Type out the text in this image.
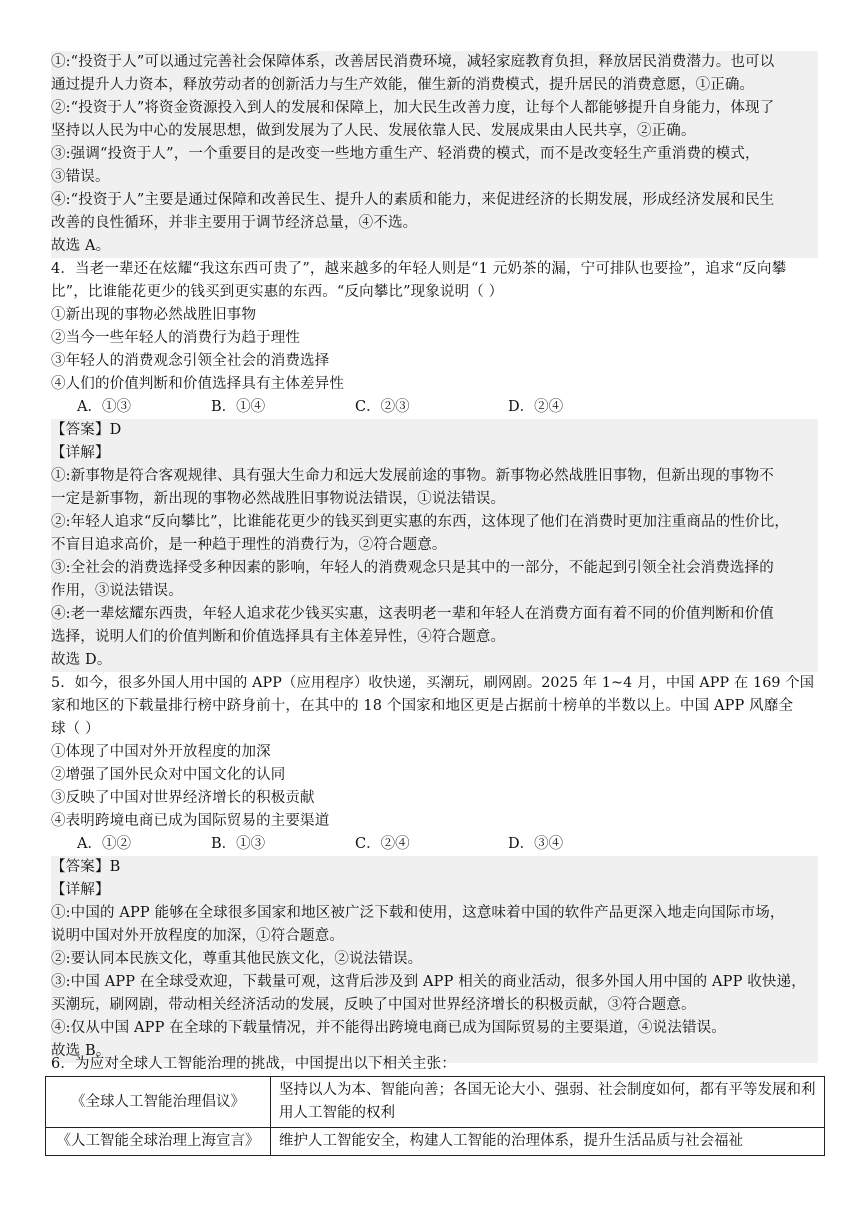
①:“投资于人”可以通过完善社会保障体系，改善居民消费环境，减轻家庭教育负担，释放居民消费潜力。也可以
通过提升人力资本，释放劳动者的创新活力与生产效能，催生新的消费模式，提升居民的消费意愿，①正确。
②:“投资于人”将资金资源投入到人的发展和保障上，加大民生改善力度，让每个人都能够提升自身能力，体现了
坚持以人民为中心的发展思想，做到发展为了人民、发展依靠人民、发展成果由人民共享，②正确。
③:强调“投资于人”，一个重要目的是改变一些地方重生产、轻消费的模式，而不是改变轻生产重消费的模式，
③错误。
④:“投资于人”主要是通过保障和改善民生、提升人的素质和能力，来促进经济的长期发展，形成经济发展和民生
改善的良性循环，并非主要用于调节经济总量，④不选。
故选 A。
4．当老一辈还在炫耀“我这东西可贵了”，越来越多的年轻人则是“1 元奶茶的漏，宁可排队也要捡”，追求“反向攀
比”，比谁能花更少的钱买到更实惠的东西。“反向攀比”现象说明（ ）
①新出现的事物必然战胜旧事物
②当今一些年轻人的消费行为趋于理性
③年轻人的消费观念引领全社会的消费选择
④人们的价值判断和价值选择具有主体差异性
A．①③	B．①④	C．②③	D．②④
【答案】D
【详解】
①:新事物是符合客观规律、具有强大生命力和远大发展前途的事物。新事物必然战胜旧事物，但新出现的事物不
一定是新事物，新出现的事物必然战胜旧事物说法错误，①说法错误。
②:年轻人追求“反向攀比”，比谁能花更少的钱买到更实惠的东西，这体现了他们在消费时更加注重商品的性价比，
不盲目追求高价，是一种趋于理性的消费行为，②符合题意。
③:全社会的消费选择受多种因素的影响，年轻人的消费观念只是其中的一部分，不能起到引领全社会消费选择的
作用，③说法错误。
④:老一辈炫耀东西贵，年轻人追求花少钱买实惠，这表明老一辈和年轻人在消费方面有着不同的价值判断和价值
选择，说明人们的价值判断和价值选择具有主体差异性，④符合题意。
故选 D。
5．如今，很多外国人用中国的 APP（应用程序）收快递，买潮玩，刷网剧。2025 年 1~4 月，中国 APP 在 169 个国
家和地区的下载量排行榜中跻身前十，在其中的 18 个国家和地区更是占据前十榜单的半数以上。中国 APP 风靡全
球（ ）
①体现了中国对外开放程度的加深
②增强了国外民众对中国文化的认同
③反映了中国对世界经济增长的积极贡献
④表明跨境电商已成为国际贸易的主要渠道
A．①②	B．①③	C．②④	D．③④
【答案】B
【详解】
①:中国的 APP 能够在全球很多国家和地区被广泛下载和使用，这意味着中国的软件产品更深入地走向国际市场，
说明中国对外开放程度的加深，①符合题意。
②:要认同本民族文化，尊重其他民族文化，②说法错误。
③:中国 APP 在全球受欢迎，下载量可观，这背后涉及到 APP 相关的商业活动，很多外国人用中国的 APP 收快递，
买潮玩，刷网剧，带动相关经济活动的发展，反映了中国对世界经济增长的积极贡献，③符合题意。
④:仅从中国 APP 在全球的下载量情况，并不能得出跨境电商已成为国际贸易的主要渠道，④说法错误。
故选 B。
6．为应对全球人工智能治理的挑战，中国提出以下相关主张：
《全球人工智能治理倡议》	坚持以人为本、智能向善；各国无论大小、强弱、社会制度如何，都有平等发展和利用人工智能的权利
《人工智能全球治理上海宣言》	维护人工智能安全，构建人工智能的治理体系，提升生活品质与社会福祉
